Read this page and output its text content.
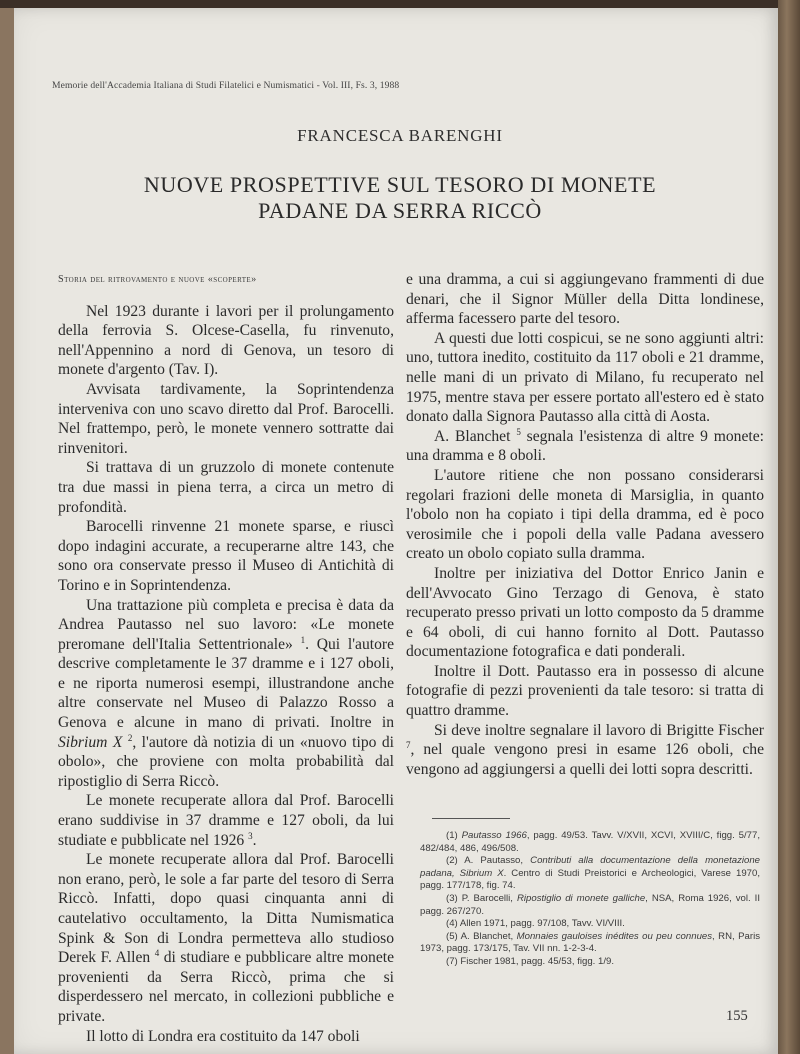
Memorie dell'Accademia Italiana di Studi Filatelici e Numismatici - Vol. III, Fs. 3, 1988
FRANCESCA BARENGHI
NUOVE PROSPETTIVE SUL TESORO DI MONETE
PADANE DA SERRA RICCÒ
Storia del ritrovamento e nuove «scoperte»

Nel 1923 durante i lavori per il prolungamento della ferrovia S. Olcese-Casella, fu rinvenuto, nell'Appennino a nord di Genova, un tesoro di monete d'argento (Tav. I).

Avvisata tardivamente, la Soprintendenza interveniva con uno scavo diretto dal Prof. Barocelli. Nel frattempo, però, le monete vennero sottratte dai rinvenitori.

Si trattava di un gruzzolo di monete contenute tra due massi in piena terra, a circa un metro di profondità.

Barocelli rinvenne 21 monete sparse, e riuscì dopo indagini accurate, a recuperarne altre 143, che sono ora conservate presso il Museo di Antichità di Torino e in Soprintendenza.

Una trattazione più completa e precisa è data da Andrea Pautasso nel suo lavoro: «Le monete preromane dell'Italia Settentrionale» $^1$. Qui l'autore descrive completamente le 37 dramme e i 127 oboli, e ne riporta numerosi esempi, illustrandone anche altre conservate nel Museo di Palazzo Rosso a Genova e alcune in mano di privati. Inoltre in Sibrium X $^2$, l'autore dà notizia di un «nuovo tipo di obolo», che proviene con molta probabilità dal ripostiglio di Serra Riccò.

Le monete recuperate allora dal Prof. Barocelli erano suddivise in 37 dramme e 127 oboli, da lui studiate e pubblicate nel 1926 $^3$.

Le monete recuperate allora dal Prof. Barocelli non erano, però, le sole a far parte del tesoro di Serra Riccò. Infatti, dopo quasi cinquanta anni di cautelativo occultamento, la Ditta Numismatica Spink & Son di Londra permetteva allo studioso Derek F. Allen $^4$ di studiare e pubblicare altre monete provenienti da Serra Riccò, prima che si disperdessero nel mercato, in collezioni pubbliche e private.

Il lotto di Londra era costituito da 147 oboli

e una dramma, a cui si aggiungevano frammenti di due denari, che il Signor Müller della Ditta londinese, afferma facessero parte del tesoro.

A questi due lotti cospicui, se ne sono aggiunti altri: uno, tuttora inedito, costituito da 117 oboli e 21 dramme, nelle mani di un privato di Milano, fu recuperato nel 1975, mentre stava per essere portato all'estero ed è stato donato dalla Signora Pautasso alla città di Aosta.

A. Blanchet $^5$ segnala l'esistenza di altre 9 monete: una dramma e 8 oboli.

L'autore ritiene che non possano considerarsi regolari frazioni delle moneta di Marsiglia, in quanto l'obolo non ha copiato i tipi della dramma, ed è poco verosimile che i popoli della valle Padana avessero creato un obolo copiato sulla dramma.

Inoltre per iniziativa del Dottor Enrico Janin e dell'Avvocato Gino Terzago di Genova, è stato recuperato presso privati un lotto composto da 5 dramme e 64 oboli, di cui hanno fornito al Dott. Pautasso documentazione fotografica e dati ponderali.

Inoltre il Dott. Pautasso era in possesso di alcune fotografie di pezzi provenienti da tale tesoro: si tratta di quattro dramme.

Si deve inoltre segnalare il lavoro di Brigitte Fischer $^7$, nel quale vengono presi in esame 126 oboli, che vengono ad aggiungersi a quelli dei lotti sopra descritti.

(1) Pautasso 1966, pagg. 49/53. Tavv. V/XVII, XCVI, XVIII/C, figg. 5/77, 482/484, 486, 496/508.

(2) A. Pautasso, Contributi alla documentazione della monetazione padana, Sibrium X. Centro di Studi Preistorici e Archeologici, Varese 1970, pagg. 177/178, fig. 74.

(3) P. Barocelli, Ripostiglio di monete galliche, NSA, Roma 1926, vol. II pagg. 267/270.

(4) Allen 1971, pagg. 97/108, Tavv. VI/VIII.

(5) A. Blanchet, Monnaies gauloises inédites ou peu connues, RN, Paris 1973, pagg. 173/175, Tav. VII nn. 1-2-3-4.

(7) Fischer 1981, pagg. 45/53, figg. 1/9.

155
